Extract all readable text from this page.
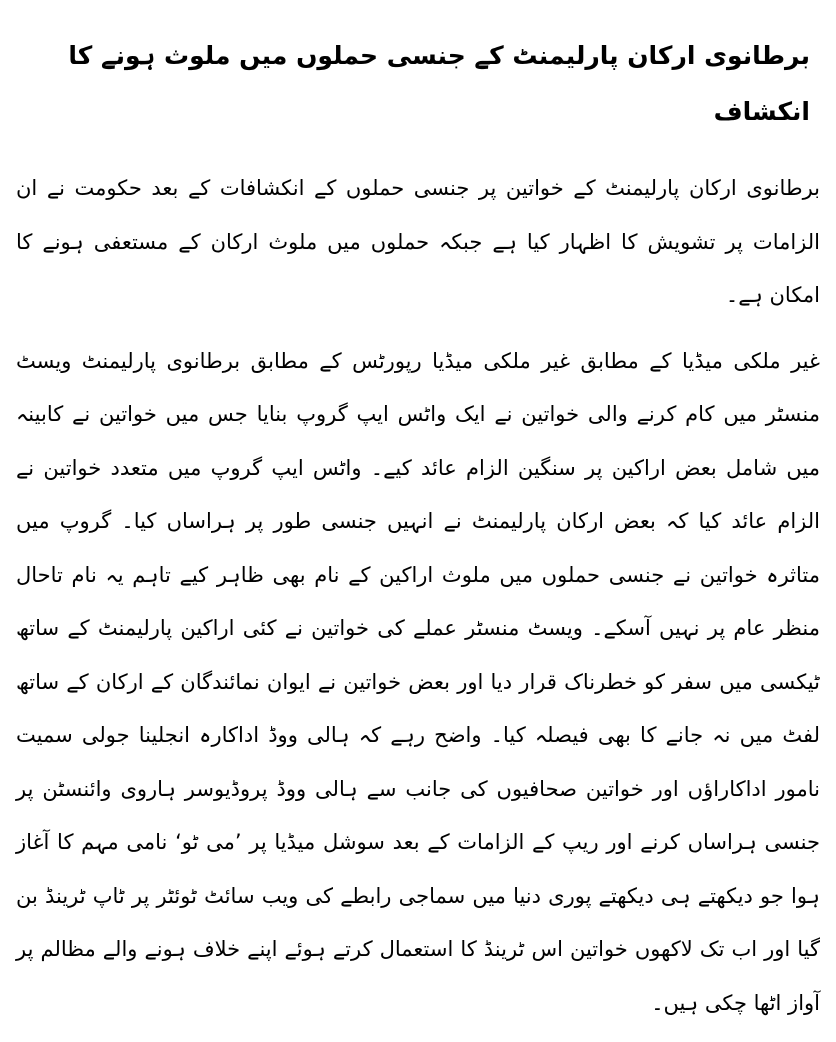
برطانوی ارکان پارلیمنٹ کے جنسی حملوں میں ملوث ہونے کا انکشاف

برطانوی ارکان پارلیمنٹ کے خواتین پر جنسی حملوں کے انکشافات کے بعد حکومت نے ان الزامات پر تشویش کا اظہار کیا ہے جبکہ حملوں میں ملوث ارکان کے مستعفی ہونے کا امکان ہے۔

غیر ملکی میڈیا کے مطابق غیر ملکی میڈیا رپورٹس کے مطابق برطانوی پارلیمنٹ ویسٹ منسٹر میں کام کرنے والی خواتین نے ایک واٹس ایپ گروپ بنایا جس میں خواتین نے کابینہ میں شامل بعض اراکین پر سنگین الزام عائد کیے۔ واٹس ایپ گروپ میں متعدد خواتین نے الزام عائد کیا کہ بعض ارکان پارلیمنٹ نے انہیں جنسی طور پر ہراساں کیا۔ گروپ میں متاثرہ خواتین نے جنسی حملوں میں ملوث اراکین کے نام بھی ظاہر کیے تاہم یہ نام تاحال منظر عام پر نہیں آسکے۔ ویسٹ منسٹر عملے کی خواتین نے کئی اراکین پارلیمنٹ کے ساتھ ٹیکسی میں سفر کو خطرناک قرار دیا اور بعض خواتین نے ایوان نمائندگان کے ارکان کے ساتھ لفٹ میں نہ جانے کا بھی فیصلہ کیا۔ واضح رہے کہ ہالی ووڈ اداکارہ انجلینا جولی سمیت نامور اداکاراؤں اور خواتین صحافیوں کی جانب سے ہالی ووڈ پروڈیوسر ہاروی وائنسٹن پر جنسی ہراساں کرنے اور ریپ کے الزامات کے بعد سوشل میڈیا پر ’می ٹو‘ نامی مہم کا آغاز ہوا جو دیکھتے ہی دیکھتے پوری دنیا میں سماجی رابطے کی ویب سائٹ ٹوئٹر پر ٹاپ ٹرینڈ بن گیا اور اب تک لاکھوں خواتین اس ٹرینڈ کا استعمال کرتے ہوئے اپنے خلاف ہونے والے مظالم پر آواز اٹھا چکی ہیں۔
